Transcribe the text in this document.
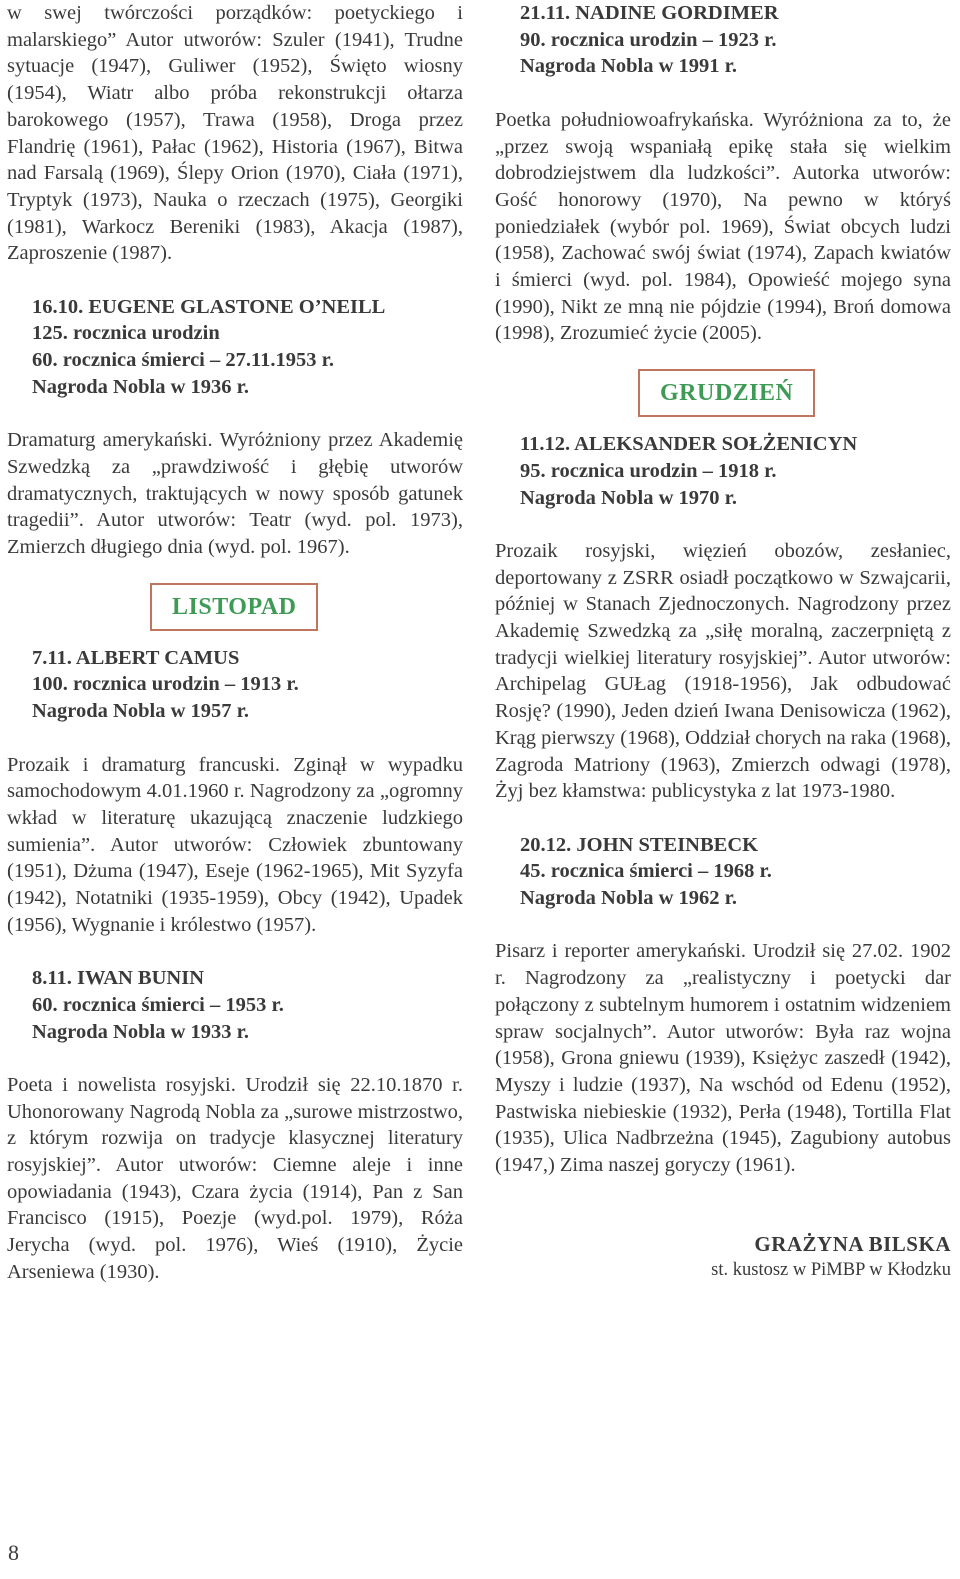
w swej twórczości porządków: poetyckiego i malarskiego” Autor utworów: Szuler (1941), Trudne sytuacje (1947), Guliwer (1952), Święto wiosny (1954), Wiatr albo próba rekonstrukcji ołtarza barokowego (1957), Trawa (1958), Droga przez Flandrię (1961), Pałac (1962), Historia (1967), Bitwa nad Farsalą (1969), Ślepy Orion (1970), Ciała (1971), Tryptyk (1973), Nauka o rzeczach (1975), Georgiki (1981), Warkocz Bereniki (1983), Akacja (1987), Zaproszenie (1987).

16.10. EUGENE GLASTONE O’NEILL
125. rocznica urodzin
60. rocznica śmierci – 27.11.1953 r.
Nagroda Nobla w 1936 r.

Dramaturg amerykański. Wyróżniony przez Akademię Szwedzką za „prawdziwość i głębię utworów dramatycznych, traktujących w nowy sposób gatunek tragedii”. Autor utworów: Teatr (wyd. pol. 1973), Zmierzch długiego dnia (wyd. pol. 1967).

LISTOPAD
7.11. ALBERT CAMUS
100. rocznica urodzin – 1913 r.
Nagroda Nobla w 1957 r.

Prozaik i dramaturg francuski. Zginął w wypadku samochodowym 4.01.1960 r. Nagrodzony za „ogromny wkład w literaturę ukazującą znaczenie ludzkiego sumienia”. Autor utworów: Człowiek zbuntowany (1951), Dżuma (1947), Eseje (1962-1965), Mit Syzyfa (1942), Notatniki (1935-1959), Obcy (1942), Upadek (1956), Wygnanie i królestwo (1957).

8.11. IWAN BUNIN
60. rocznica śmierci – 1953 r.
Nagroda Nobla w 1933 r.

Poeta i nowelista rosyjski. Urodził się 22.10.1870 r. Uhonorowany Nagrodą Nobla za „surowe mistrzostwo, z którym rozwija on tradycje klasycznej literatury rosyjskiej”. Autor utworów: Ciemne aleje i inne opowiadania (1943), Czara życia (1914), Pan z San Francisco (1915), Poezje (wyd.pol. 1979), Róża Jerycha (wyd. pol. 1976), Wieś (1910), Życie Arseniewa (1930).

21.11. NADINE GORDIMER
90. rocznica urodzin – 1923 r.
Nagroda Nobla w 1991 r.

Poetka południowoafrykańska. Wyróżniona za to, że „przez swoją wspaniałą epikę stała się wielkim dobrodziejstwem dla ludzkości”. Autorka utworów: Gość honorowy (1970), Na pewno w któryś poniedziałek (wybór pol. 1969), Świat obcych ludzi (1958), Zachować swój świat (1974), Zapach kwiatów i śmierci (wyd. pol. 1984), Opowieść mojego syna (1990), Nikt ze mną nie pójdzie (1994), Broń domowa (1998), Zrozumieć życie (2005).

GRUDZIEŃ
11.12. ALEKSANDER SOŁŻENICYN
95. rocznica urodzin – 1918 r.
Nagroda Nobla w 1970 r.

Prozaik rosyjski, więzień obozów, zesłaniec, deportowany z ZSRR osiadł początkowo w Szwajcarii, później w Stanach Zjednoczonych. Nagrodzony przez Akademię Szwedzką za „siłę moralną, zaczerpniętą z tradycji wielkiej literatury rosyjskiej”. Autor utworów: Archipelag GUŁag (1918-1956), Jak odbudować Rosję? (1990), Jeden dzień Iwana Denisowicza (1962), Krąg pierwszy (1968), Oddział chorych na raka (1968), Zagroda Matriony (1963), Zmierzch odwagi (1978), Żyj bez kłamstwa: publicystyka z lat 1973-1980.

20.12. JOHN STEINBECK
45. rocznica śmierci – 1968 r.
Nagroda Nobla w 1962 r.

Pisarz i reporter amerykański. Urodził się 27.02. 1902 r. Nagrodzony za „realistyczny i poetycki dar połączony z subtelnym humorem i ostatnim widzeniem spraw socjalnych”. Autor utworów: Była raz wojna (1958), Grona gniewu (1939), Księżyc zaszedł (1942), Myszy i ludzie (1937), Na wschód od Edenu (1952), Pastwiska niebieskie (1932), Perła (1948), Tortilla Flat (1935), Ulica Nadbrzeżna (1945), Zagubiony autobus (1947,) Zima naszej goryczy (1961).

GRAŻYNA BILSKA
st. kustosz w PiMBP w Kłodzku
8
